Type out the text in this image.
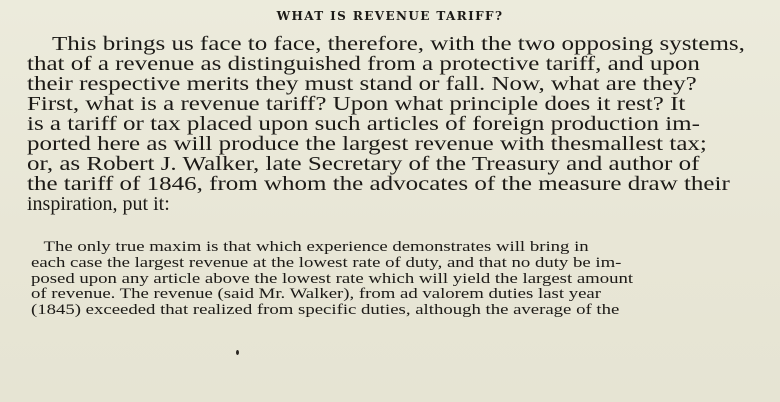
WHAT IS REVENUE TARIFF?
This brings us face to face, therefore, with the two opposing systems,
that of a revenue as distinguished from a protective tariff, and upon
their respective merits they must stand or fall. Now, what are they?
First, what is a revenue tariff? Upon what principle does it rest? It
is a tariff or tax placed upon such articles of foreign production im-
ported here as will produce the largest revenue with thesmallest tax;
or, as Robert J. Walker, late Secretary of the Treasury and author of
the tariff of 1846, from whom the advocates of the measure draw their
inspiration, put it:
The only true maxim is that which experience demonstrates will bring in
each case the largest revenue at the lowest rate of duty, and that no duty be im-
posed upon any article above the lowest rate which will yield the largest amount
of revenue. The revenue (said Mr. Walker), from ad valorem duties last year
(1845) exceeded that realized from specific duties, although the average of the
